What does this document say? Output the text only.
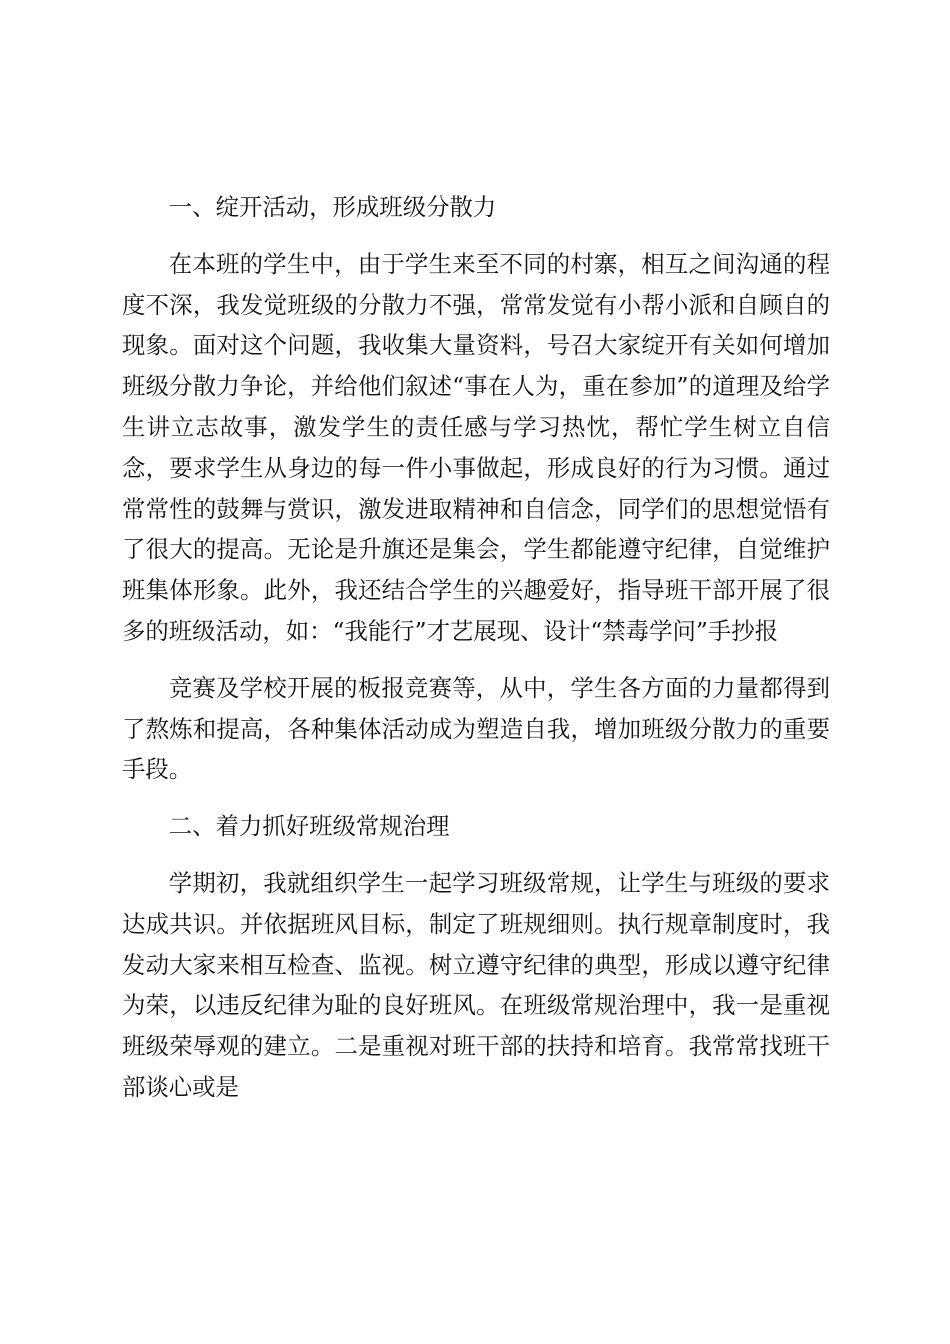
一、绽开活动，形成班级分散力

在本班的学生中，由于学生来至不同的村寨，相互之间沟通的程度不深，我发觉班级的分散力不强，常常发觉有小帮小派和自顾自的现象。面对这个问题，我收集大量资料，号召大家绽开有关如何增加班级分散力争论，并给他们叙述“事在人为，重在参加”的道理及给学生讲立志故事，激发学生的责任感与学习热忱，帮忙学生树立自信念，要求学生从身边的每一件小事做起，形成良好的行为习惯。通过常常性的鼓舞与赏识，激发进取精神和自信念，同学们的思想觉悟有了很大的提高。无论是升旗还是集会，学生都能遵守纪律，自觉维护班集体形象。此外，我还结合学生的兴趣爱好，指导班干部开展了很多的班级活动，如：“我能行”才艺展现、设计“禁毒学问”手抄报

竞赛及学校开展的板报竞赛等，从中，学生各方面的力量都得到了熬炼和提高，各种集体活动成为塑造自我，增加班级分散力的重要手段。

二、着力抓好班级常规治理

学期初，我就组织学生一起学习班级常规，让学生与班级的要求达成共识。并依据班风目标，制定了班规细则。执行规章制度时，我发动大家来相互检查、监视。树立遵守纪律的典型，形成以遵守纪律为荣，以违反纪律为耻的良好班风。在班级常规治理中，我一是重视班级荣辱观的建立。二是重视对班干部的扶持和培育。我常常找班干部谈心或是
